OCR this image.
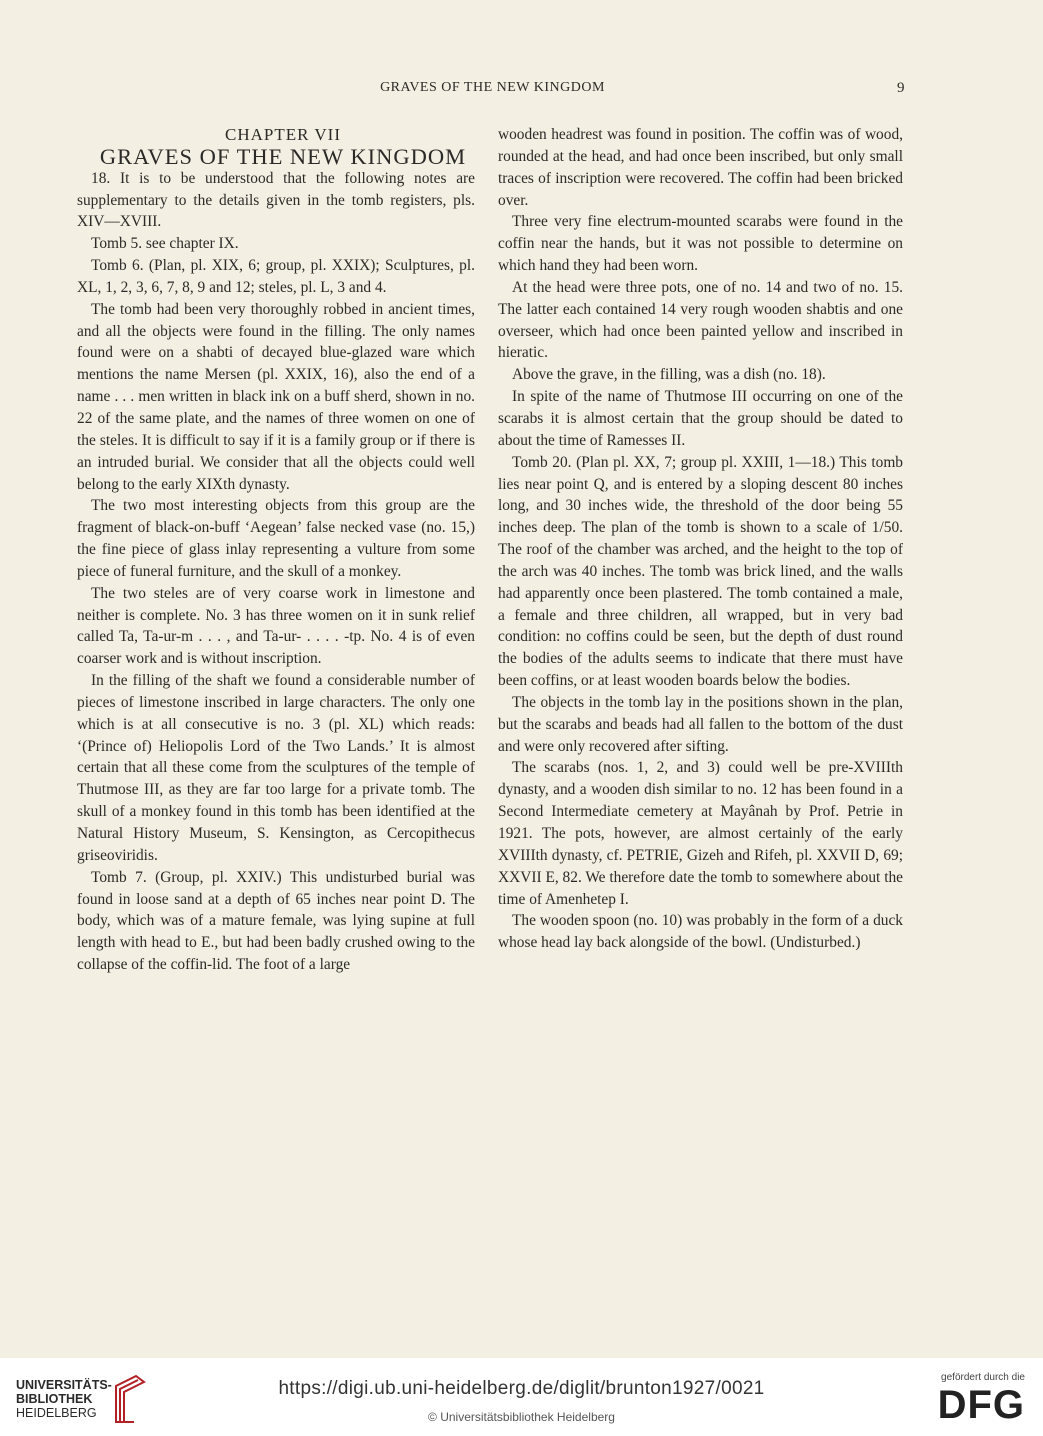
GRAVES OF THE NEW KINGDOM	9

CHAPTER VII

GRAVES OF THE NEW KINGDOM

18. It is to be understood that the following notes are supplementary to the details given in the tomb registers, pls. XIV—XVIII.

Tomb 5. see chapter IX.

Tomb 6. (Plan, pl. XIX, 6; group, pl. XXIX); Sculptures, pl. XL, 1, 2, 3, 6, 7, 8, 9 and 12; steles, pl. L, 3 and 4.

The tomb had been very thoroughly robbed in ancient times, and all the objects were found in the filling. The only names found were on a shabti of decayed blue-glazed ware which mentions the name Mersen (pl. XXIX, 16), also the end of a name . . . men written in black ink on a buff sherd, shown in no. 22 of the same plate, and the names of three women on one of the steles. It is difficult to say if it is a family group or if there is an intruded burial. We consider that all the objects could well belong to the early XIXth dynasty.

The two most interesting objects from this group are the fragment of black-on-buff ‘Aegean’ false necked vase (no. 15,) the fine piece of glass inlay representing a vulture from some piece of funeral furniture, and the skull of a monkey.

The two steles are of very coarse work in limestone and neither is complete. No. 3 has three women on it in sunk relief called Ta, Ta-ur-m . . . , and Ta-ur- . . . . -tp. No. 4 is of even coarser work and is without inscription.

In the filling of the shaft we found a considerable number of pieces of limestone inscribed in large characters. The only one which is at all consecutive is no. 3 (pl. XL) which reads: ‘(Prince of) Heliopolis Lord of the Two Lands.’ It is almost certain that all these come from the sculptures of the temple of Thutmose III, as they are far too large for a private tomb. The skull of a monkey found in this tomb has been identified at the Natural History Museum, S. Kensington, as Cercopithecus griseoviridis.

Tomb 7. (Group, pl. XXIV.) This undisturbed burial was found in loose sand at a depth of 65 inches near point D. The body, which was of a mature female, was lying supine at full length with head to E., but had been badly crushed owing to the collapse of the coffin-lid. The foot of a large

wooden headrest was found in position. The coffin was of wood, rounded at the head, and had once been inscribed, but only small traces of inscription were recovered. The coffin had been bricked over.

Three very fine electrum-mounted scarabs were found in the coffin near the hands, but it was not possible to determine on which hand they had been worn.

At the head were three pots, one of no. 14 and two of no. 15. The latter each contained 14 very rough wooden shabtis and one overseer, which had once been painted yellow and inscribed in hieratic.

Above the grave, in the filling, was a dish (no. 18).

In spite of the name of Thutmose III occurring on one of the scarabs it is almost certain that the group should be dated to about the time of Ramesses II.

Tomb 20. (Plan pl. XX, 7; group pl. XXIII, 1—18.) This tomb lies near point Q, and is entered by a sloping descent 80 inches long, and 30 inches wide, the threshold of the door being 55 inches deep. The plan of the tomb is shown to a scale of 1/50. The roof of the chamber was arched, and the height to the top of the arch was 40 inches. The tomb was brick lined, and the walls had apparently once been plastered. The tomb contained a male, a female and three children, all wrapped, but in very bad condition: no coffins could be seen, but the depth of dust round the bodies of the adults seems to indicate that there must have been coffins, or at least wooden boards below the bodies.

The objects in the tomb lay in the positions shown in the plan, but the scarabs and beads had all fallen to the bottom of the dust and were only recovered after sifting.

The scarabs (nos. 1, 2, and 3) could well be pre-XVIIIth dynasty, and a wooden dish similar to no. 12 has been found in a Second Intermediate cemetery at Mayânah by Prof. Petrie in 1921. The pots, however, are almost certainly of the early XVIIIth dynasty, cf. PETRIE, Gizeh and Rifeh, pl. XXVII D, 69; XXVII E, 82. We therefore date the tomb to somewhere about the time of Amenhetep I.

The wooden spoon (no. 10) was probably in the form of a duck whose head lay back alongside of the bowl. (Undisturbed.)

UNIVERSITÄTS-
BIBLIOTHEK
HEIDELBERG
https://digi.ub.uni-heidelberg.de/diglit/brunton1927/0021
© Universitätsbibliothek Heidelberg
gefördert durch die
DFG
